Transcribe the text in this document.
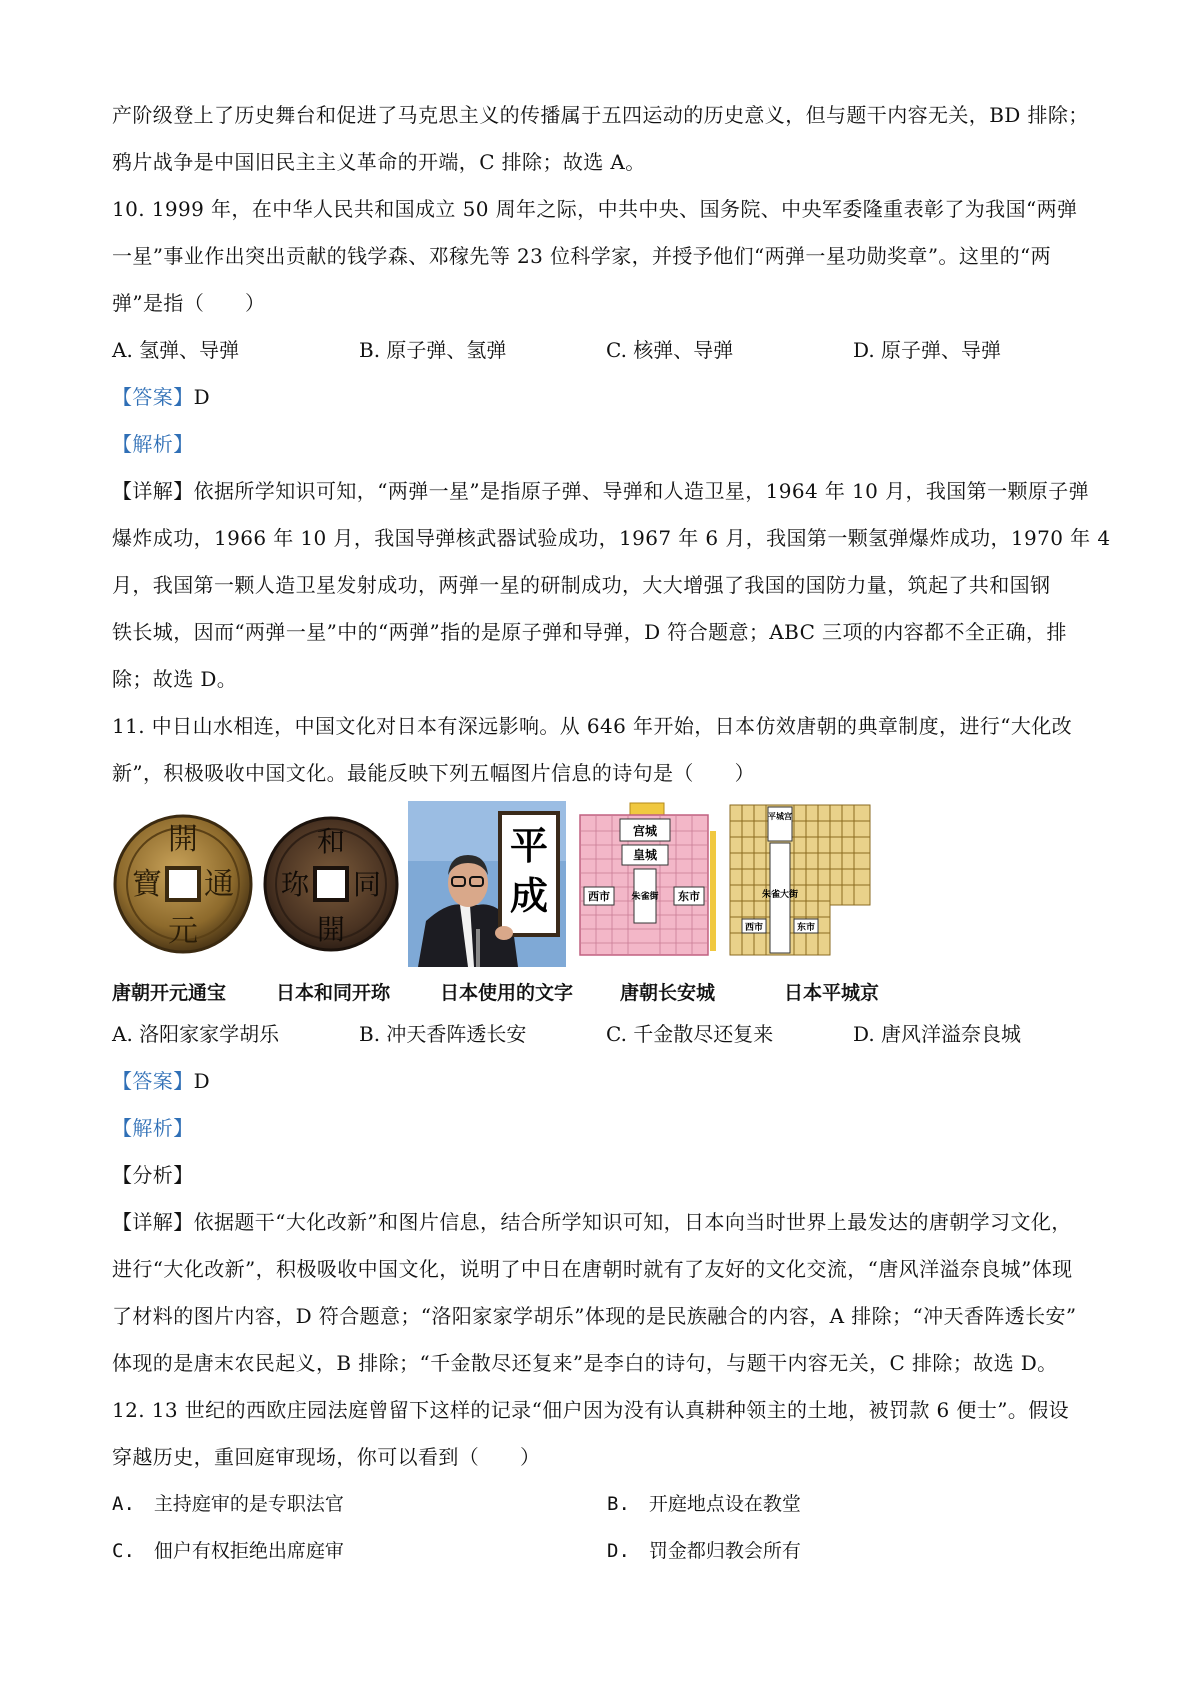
产阶级登上了历史舞台和促进了马克思主义的传播属于五四运动的历史意义，但与题干内容无关，BD 排除；

鸦片战争是中国旧民主主义革命的开端，C 排除；故选 A。

10. 1999 年，在中华人民共和国成立 50 周年之际，中共中央、国务院、中央军委隆重表彰了为我国“两弹

一星”事业作出突出贡献的钱学森、邓稼先等 23 位科学家，并授予他们“两弹一星功勋奖章”。这里的“两

弹”是指（　　）

A. 氢弹、导弹	B. 原子弹、氢弹	C. 核弹、导弹	D. 原子弹、导弹

【答案】D

【解析】

【详解】依据所学知识可知，“两弹一星”是指原子弹、导弹和人造卫星，1964 年 10 月，我国第一颗原子弹

爆炸成功，1966 年 10 月，我国导弹核武器试验成功，1967 年 6 月，我国第一颗氢弹爆炸成功，1970 年 4

月，我国第一颗人造卫星发射成功，两弹一星的研制成功，大大增强了我国的国防力量，筑起了共和国钢

铁长城，因而“两弹一星”中的“两弹”指的是原子弹和导弹，D 符合题意；ABC 三项的内容都不全正确，排

除；故选 D。

11. 中日山水相连，中国文化对日本有深远影响。从 646 年开始，日本仿效唐朝的典章制度，进行“大化改

新”，积极吸收中国文化。最能反映下列五幅图片信息的诗句是（　　）

開
通
元
寶
和
同
開
珎
平
成
宫城
皇城
西市 朱雀街 东市
平城宫
朱雀大街
西市	东市
唐朝开元通宝	日本和同开珎	日本使用的文字	唐朝长安城	日本平城京
A. 洛阳家家学胡乐	B. 冲天香阵透长安	C. 千金散尽还复来	D. 唐风洋溢奈良城

【答案】D

【解析】

【分析】

【详解】依据题干“大化改新”和图片信息，结合所学知识可知，日本向当时世界上最发达的唐朝学习文化，

进行“大化改新”，积极吸收中国文化，说明了中日在唐朝时就有了友好的文化交流，“唐风洋溢奈良城”体现

了材料的图片内容，D 符合题意；“洛阳家家学胡乐”体现的是民族融合的内容，A 排除；“冲天香阵透长安”

体现的是唐末农民起义，B 排除；“千金散尽还复来”是李白的诗句，与题干内容无关，C 排除；故选 D。

12. 13 世纪的西欧庄园法庭曾留下这样的记录“佃户因为没有认真耕种领主的土地，被罚款 6 便士”。假设

穿越历史，重回庭审现场，你可以看到（　　）

A.　主持庭审的是专职法官	B.　开庭地点设在教堂
C.　佃户有权拒绝出席庭审	D.　罚金都归教会所有
